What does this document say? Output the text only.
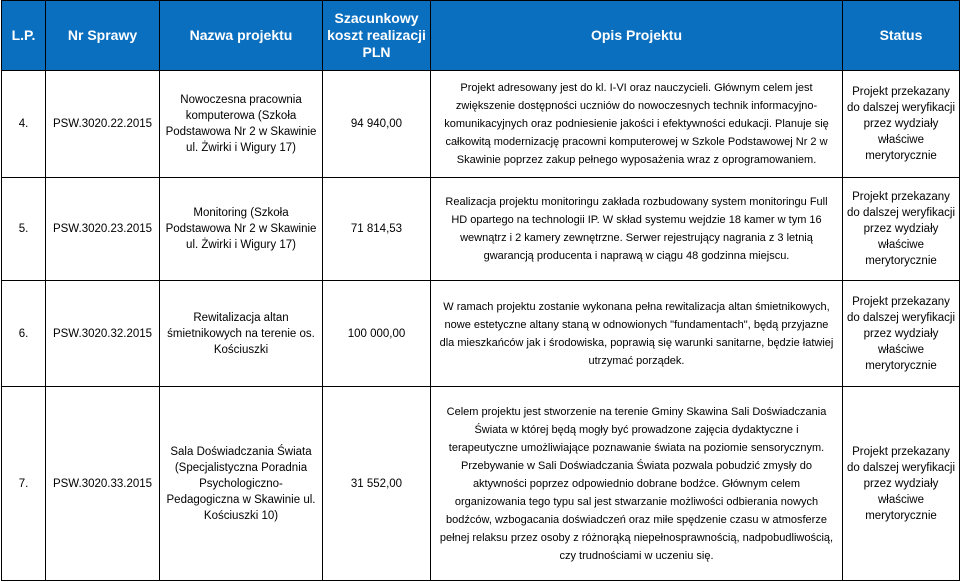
L.P.	Nr Sprawy	Nazwa projektu	Szacunkowy koszt realizacji PLN	Opis Projektu	Status
4.	PSW.3020.22.2015	Nowoczesna pracownia komputerowa (Szkoła Podstawowa Nr 2 w Skawinie ul. Żwirki i Wigury 17)	94 940,00	Projekt adresowany jest do kl. I-VI oraz nauczycieli. Głównym celem jest zwiększenie dostępności uczniów do nowoczesnych technik informacyjno-komunikacyjnych oraz podniesienie jakości i efektywności edukacji. Planuje się całkowitą modernizację pracowni komputerowej w Szkole Podstawowej Nr 2 w Skawinie poprzez zakup pełnego wyposażenia wraz z oprogramowaniem.	Projekt przekazany do dalszej weryfikacji przez wydziały właściwe merytorycznie
5.	PSW.3020.23.2015	Monitoring (Szkoła Podstawowa Nr 2 w Skawinie ul. Żwirki i Wigury 17)	71 814,53	Realizacja projektu monitoringu zakłada rozbudowany system monitoringu Full HD opartego na technologii IP. W skład systemu wejdzie 18 kamer w tym 16 wewnątrz i 2 kamery zewnętrzne. Serwer rejestrujący nagrania z 3 letnią gwarancją producenta i naprawą w ciągu 48 godzinna miejscu.	Projekt przekazany do dalszej weryfikacji przez wydziały właściwe merytorycznie
6.	PSW.3020.32.2015	Rewitalizacja altan śmietnikowych na terenie os. Kościuszki	100 000,00	W ramach projektu zostanie wykonana pełna rewitalizacja altan śmietnikowych, nowe estetyczne altany staną w odnowionych "fundamentach", będą przyjazne dla mieszkańców jak i środowiska, poprawią się warunki sanitarne, będzie łatwiej utrzymać porządek.	Projekt przekazany do dalszej weryfikacji przez wydziały właściwe merytorycznie
7.	PSW.3020.33.2015	Sala Doświadczania Świata (Specjalistyczna Poradnia Psychologiczno-Pedagogiczna w Skawinie ul. Kościuszki 10)	31 552,00	Celem projektu jest stworzenie na terenie Gminy Skawina Sali Doświadczania Świata w której będą mogły być prowadzone zajęcia dydaktyczne i terapeutyczne umożliwiające poznawanie świata na poziomie sensorycznym. Przebywanie w Sali Doświadczania Świata pozwala pobudzić zmysły do aktywności poprzez odpowiednio dobrane bodźce. Głównym celem organizowania tego typu sal jest stwarzanie możliwości odbierania nowych bodźców, wzbogacania doświadczeń oraz miłe spędzenie czasu w atmosferze pełnej relaksu przez osoby z różnorąką niepełnosprawnością, nadpobudliwością, czy trudnościami w uczeniu się.	Projekt przekazany do dalszej weryfikacji przez wydziały właściwe merytorycznie
